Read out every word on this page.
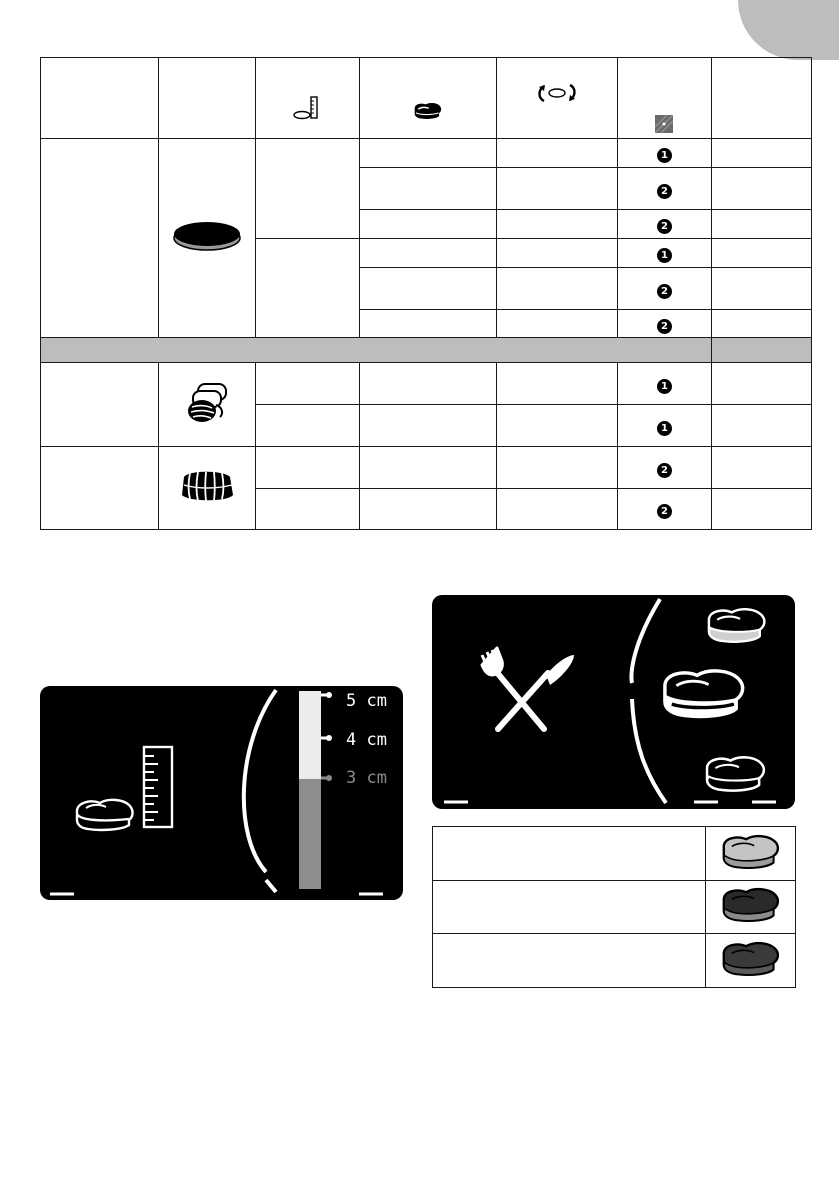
					1	
					2	
					2	
					1	
					2	
					2	

					1	
					1	
					2	
					2	
5 cm
4 cm
3 cm
